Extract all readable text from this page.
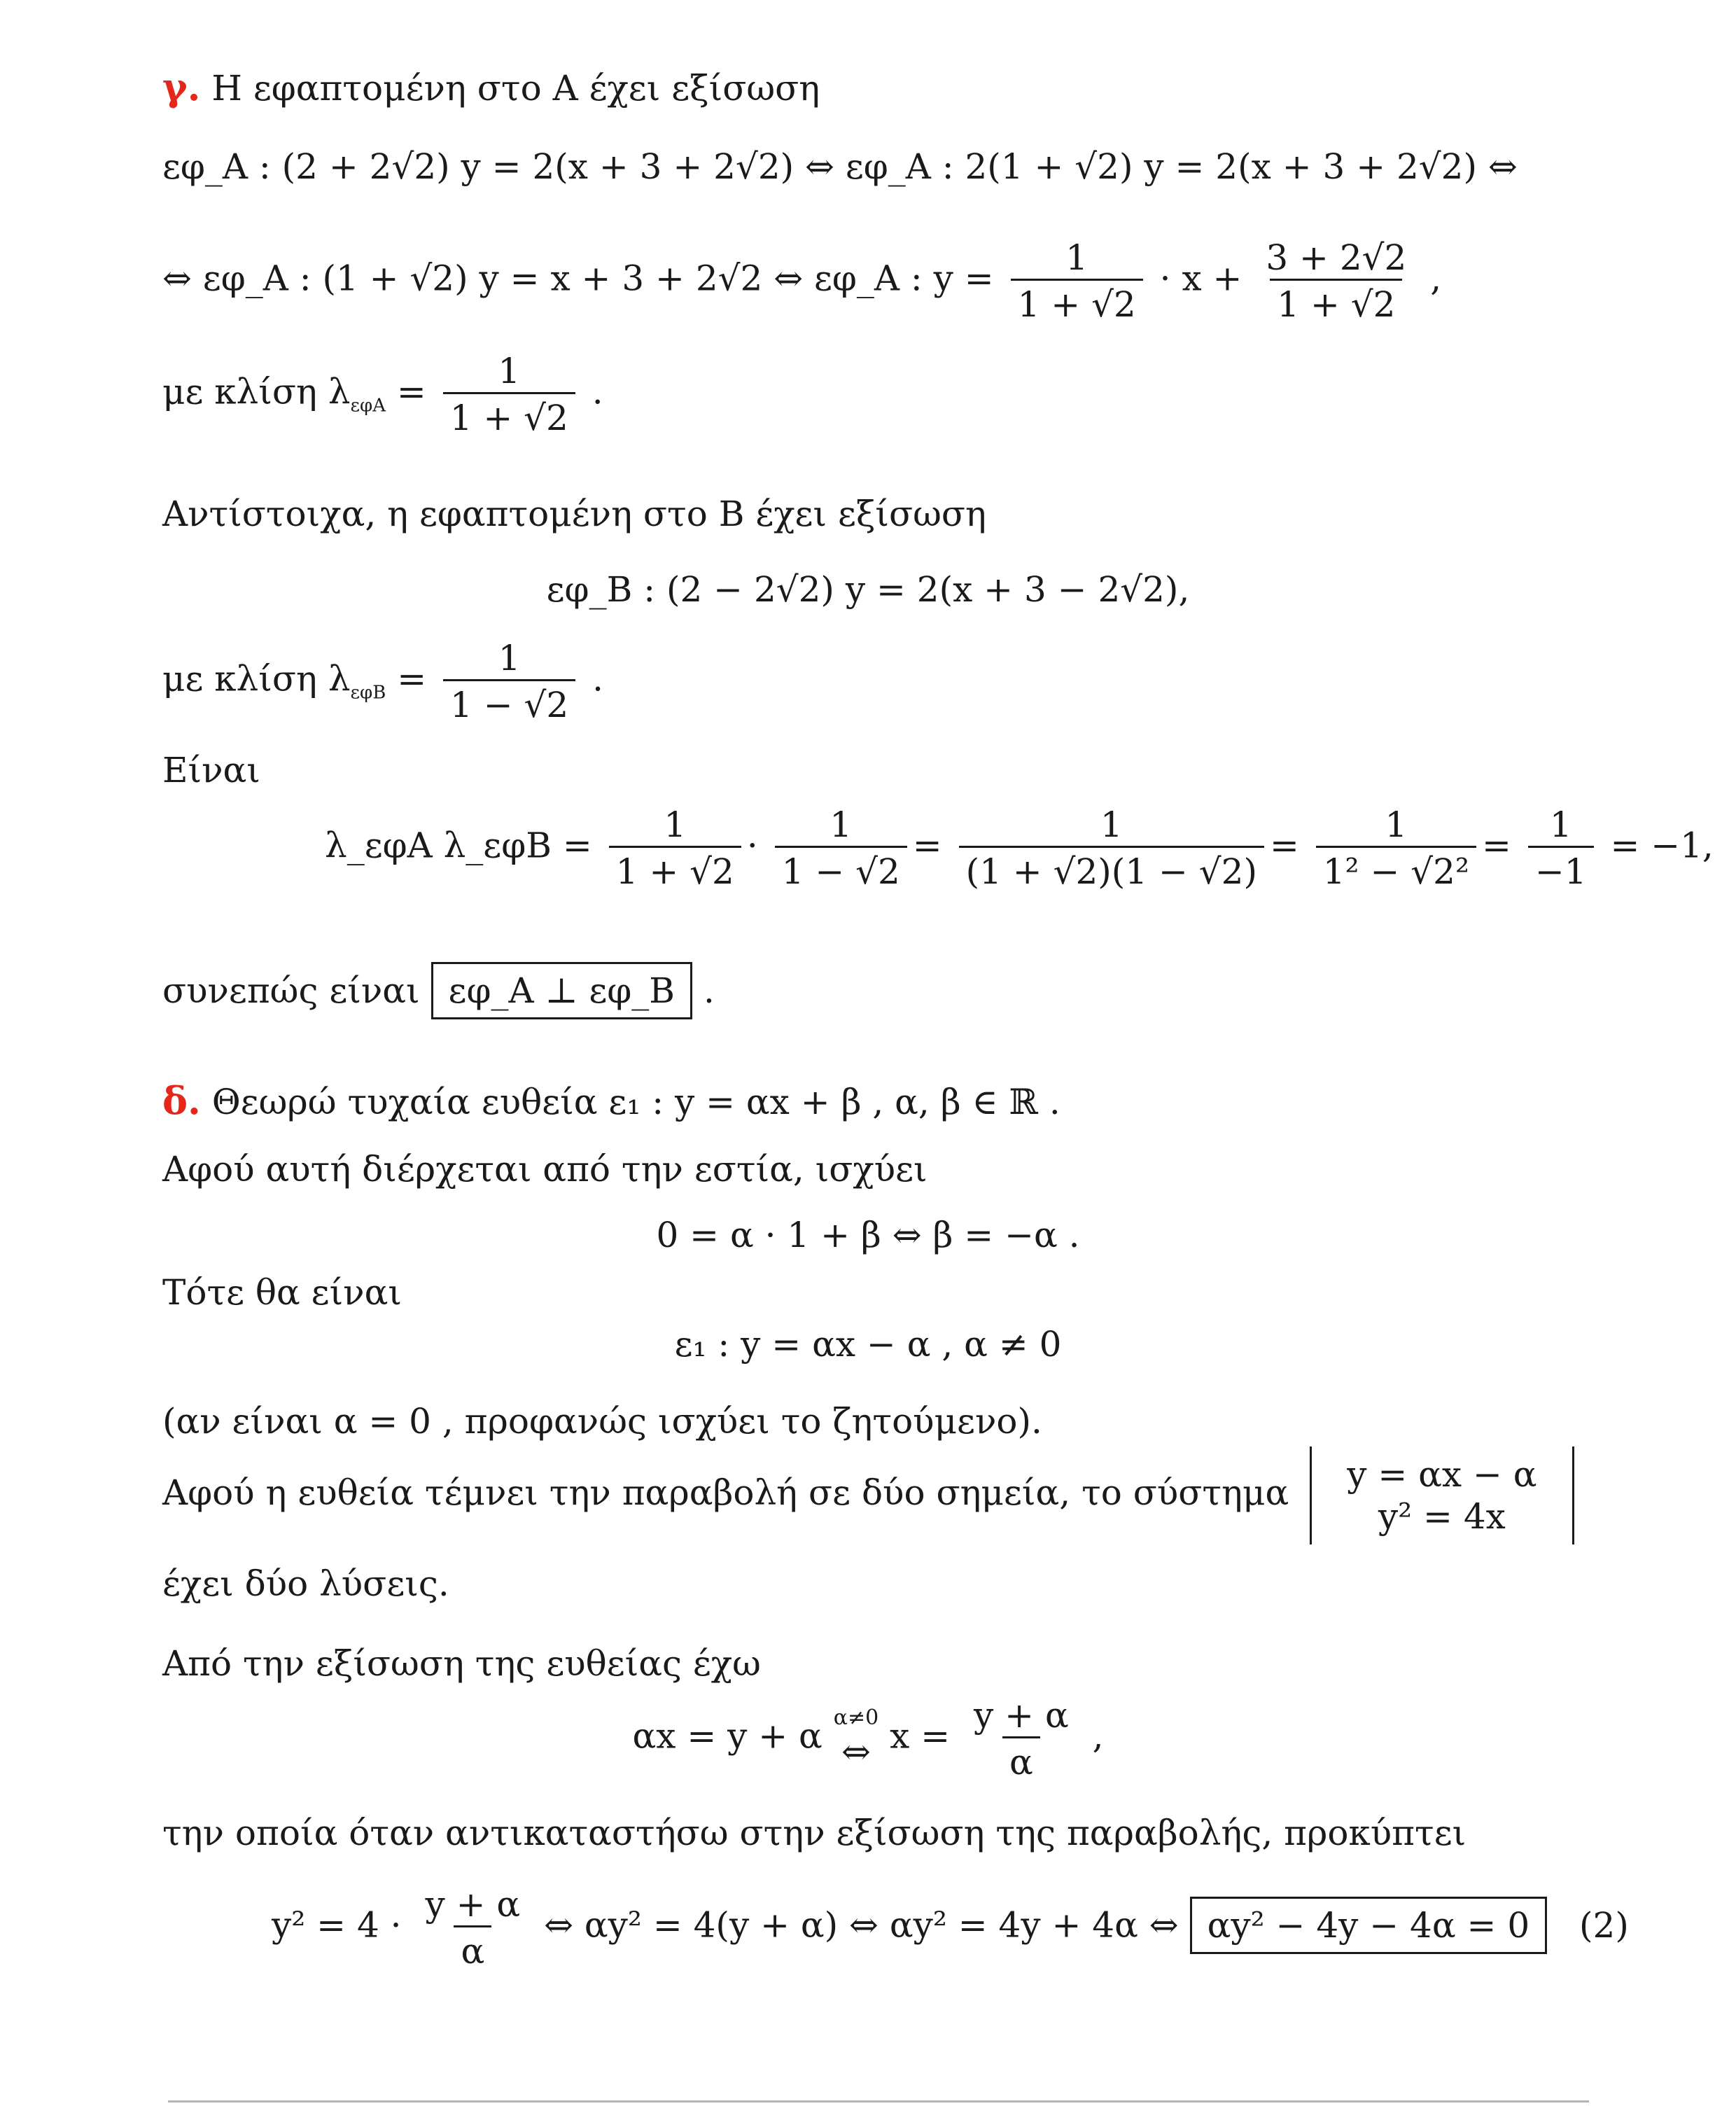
γ. Η εφαπτομένη στο Α έχει εξίσωση
εφ_A : (2 + 2√2) y = 2(x + 3 + 2√2) ⇔ εφ_A : 2(1 + √2) y = 2(x + 3 + 2√2) ⇔
⇔ εφ_A : (1 + √2) y = x + 3 + 2√2 ⇔ εφ_A : $y = \frac{1}{1 + √2} \cdot x + \frac{3 + 2√2}{1 + √2}$ ,
με κλίση $\lambda_{\varepsilon\varphi A} = \frac{1}{1 + √2}$ .
Αντίστοιχα, η εφαπτομένη στο Β έχει εξίσωση
εφ_B : (2 − 2√2) y = 2(x + 3 − 2√2),
με κλίση $\lambda_{\varepsilon\varphi B} = \frac{1}{1 - √2}$ .
Είναι
λ_εφA λ_εφB = $\frac{1}{1 + √2} \cdot \frac{1}{1 - √2} = \frac{1}{(1 + √2)(1 - √2)} = \frac{1}{\text{1² − √2²}} = \frac{1}{-1} = -1$,
συνεπώς είναι εφ_A ⊥ εφ_B .
δ. Θεωρώ τυχαία ευθεία ε₁ : y = αx + β , α, β ∈ ℝ .
Αφού αυτή διέρχεται από την εστία, ισχύει
0 = α · 1 + β ⇔ β = −α .
Τότε θα είναι
ε₁ : y = αx − α , α ≠ 0
(αν είναι α = 0 , προφανώς ισχύει το ζητούμενο).
Αφού η ευθεία τέμνει την παραβολή σε δύο σημεία, το σύστημα y = αx − α
y² = 4x
έχει δύο λύσεις.
Από την εξίσωση της ευθείας έχω
αx = y + α α≠0
⇔ $x = \frac{y + \alpha}{\alpha}$ ,
την οποία όταν αντικαταστήσω στην εξίσωση της παραβολής, προκύπτει
$y^2 = 4 \cdot \frac{y + \alpha}{\alpha}$ ⇔ αy² = 4(y + α) ⇔ αy² = 4y + 4α ⇔ αy² − 4y − 4α = 0 (2)
